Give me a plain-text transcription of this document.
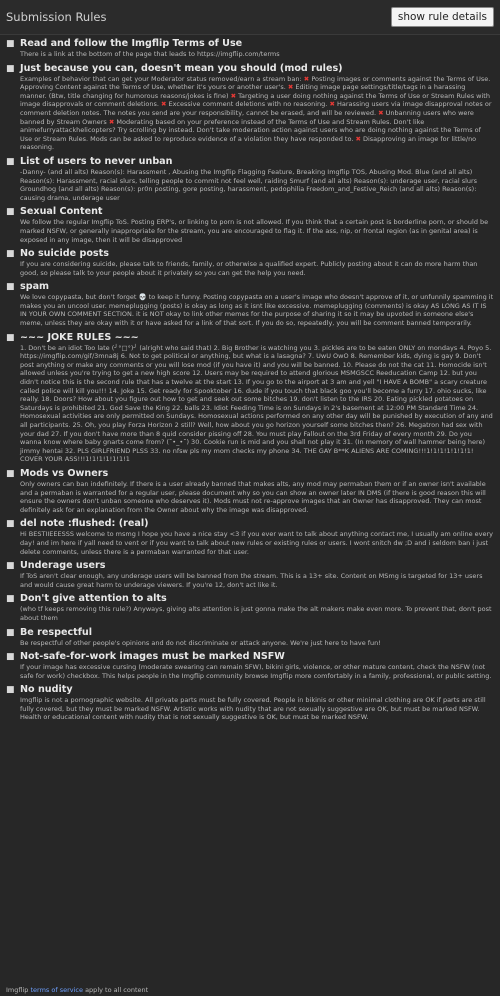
Submission Rules	show rule details
■ Read and follow the Imgflip Terms of Use
There is a link at the bottom of the page that leads to https://imgflip.com/terms
■ Just because you can, doesn't mean you should (mod rules)
Examples of behavior that can get your Moderator status removed/earn a stream ban: ✖ Posting images or comments against the Terms of Use. Approving Content against the Terms of Use, whether it's yours or another user's. ✖ Editing image page settings/title/tags in a harassing manner. (Btw, title changing for humorous reasons/jokes is fine) ✖ Targeting a user doing nothing against the Terms of Use or Stream Rules with image disapprovals or comment deletions. ✖ Excessive comment deletions with no reasoning. ✖ Harassing users via image disapproval notes or comment deletion notes. The notes you send are your responsibility, cannot be erased, and will be reviewed. ✖ Unbanning users who were banned by Stream Owners ✖ Moderating based on your preference instead of the Terms of Use and Stream Rules. Don't like animefurryattackhelicopters? Try scrolling by instead. Don't take moderation action against users who are doing nothing against the Terms of Use or Stream Rules. Mods can be asked to reproduce evidence of a violation they have responded to. ✖ Disapproving an image for little/no reasoning.
■ List of users to never unban
-Danny- (and all alts) Reason(s): Harassment , Abusing the Imgflip Flagging Feature, Breaking Imgflip TOS, Abusing Mod. Blue (and all alts) Reason(s): Harassment, racial slurs, telling people to commit not feel well, raiding Smurf (and all alts) Reason(s): underage user, racial slurs Groundhog (and all alts) Reason(s): pr0n posting, gore posting, harassment, pedophilia Freedom_and_Festive_Reich (and all alts) Reason(s): causing drama, underage user
■ Sexual Content
We follow the regular Imgflip ToS. Posting ERP's, or linking to porn is not allowed. If you think that a certain post is borderline porn, or should be marked NSFW, or generally inappropriate for the stream, you are encouraged to flag it. If the ass, nip, or frontal region (as in genital area) is exposed in any image, then it will be disapproved
■ No suicide posts
If you are considering suicide, please talk to friends, family, or otherwise a qualified expert. Publicly posting about it can do more harm than good, so please talk to your people about it privately so you can get the help you need.
■ spam
We love copypasta, but don't forget 💀 to keep it funny. Posting copypasta on a user's image who doesn't approve of it, or unfunnily spamming it makes you an uncool user. memeplugging (posts) is okay as long as it isnt like excessive. memeplugging (comments) is okay AS LONG AS IT IS IN YOUR OWN COMMENT SECTION. it is NOT okay to link other memes for the purpose of sharing it so it may be upvoted in someone else's meme, unless they are okay with it or have asked for a link of that sort. If you do so, repeatedly, you will be comment banned temporarily.
■ ~~~ JOKE RULES ~~~
1. Don't be an idiot Too late (╯°□°)╯ (alright who said that) 2. Big Brother is watching you 3. pickles are to be eaten ONLY on mondays 4. Poyo 5. https://imgflip.com/gif/3mna8j 6. Not to get political or anything, but what is a lasagna? 7. UwU OwO 8. Remember kids, dying is gay 9. Don't post anything or make any comments or you will lose mod (if you have it) and you will be banned. 10. Please do not the cat 11. Homocide isn't allowed unless you're trying to get a new high score 12. Users may be required to attend glorious MSMGSCC Reeducation Camp 12. but you didn't notice this is the second rule that has a twelve at the start 13. If you go to the airport at 3 am and yell "I HAVE A BOMB" a scary creature called police will kill you!!! 14. Joke 15. Get ready for Spooktober 16. dude if you touch that black goo you'll become a furry 17. ohio sucks, like really. 18. Doors? How about you figure out how to get and seek out some bitches 19. don't listen to the IRS 20. Eating pickled potatoes on Saturdays is prohibited 21. God Save the King 22. balls 23. Idiot Feeding Time is on Sundays in 2's basement at 12:00 PM Standard Time 24. Homosexual activities are only permitted on Sundays. Homosexual actions performed on any other day will be punished by execution of any and all participants. 25. Oh, you play Forza Horizon 2 still? Well, how about you go horizon yourself some bitches then? 26. Megatron had sex with your dad 27. If you don't have more than 8 quid consider pissing off 28. You must play Fallout on the 3rd Friday of every month 29. Do you wanna know where baby gnarts come from? (˘•_•˘) 30. Cookie run is mid and you shall not play it 31. (In memory of wall hammer being here) jimmy hentai 32. PLS GIRLFRIEND PLSS 33. no nfsw pls my mom checks my phone 34. THE GAY B**K ALIENS ARE COMING!!!1!1!1!1!1!1!1! COVER YOUR ASS!!!1!1!1!1!1!1!1
■ Mods vs Owners
Only owners can ban indefinitely. If there is a user already banned that makes alts, any mod may permaban them or if an owner isn't available and a permaban is warranted for a regular user, please document why so you can show an owner later IN DMS (if there is good reason this will ensure the owners don't unban someone who deserves it). Mods must not re-approve images that an Owner has disapproved. They can most definitely ask for an explanation from the Owner about why the image was disapproved.
■ del note :flushed: (real)
Hi BESTIIEEESSS welcome to msmg I hope you have a nice stay <3 if you ever want to talk about anything contact me, I usually am online every day! and im here if yall need to vent or if you want to talk about new rules or existing rules or users. I wont snitch dw ;D and i seldom ban i just delete comments, unless there is a permaban warranted for that user.
■ Underage users
If ToS aren't clear enough, any underage users will be banned from the stream. This is a 13+ site. Content on MSmg is targeted for 13+ users and would cause great harm to underage viewers. If you're 12, don't act like it.
■ Don't give attention to alts
(who tf keeps removing this rule?) Anyways, giving alts attention is just gonna make the alt makers make even more. To prevent that, don't post about them
■ Be respectful
Be respectful of other people's opinions and do not discriminate or attack anyone. We're just here to have fun!
■ Not-safe-for-work images must be marked NSFW
If your image has excessive cursing (moderate swearing can remain SFW), bikini girls, violence, or other mature content, check the NSFW (not safe for work) checkbox. This helps people in the Imgflip community browse Imgflip more comfortably in a family, professional, or public setting.
■ No nudity
Imgflip is not a pornographic website. All private parts must be fully covered. People in bikinis or other minimal clothing are OK if parts are still fully covered, but they must be marked NSFW. Artistic works with nudity that are not sexually suggestive are OK, but must be marked NSFW. Health or educational content with nudity that is not sexually suggestive is OK, but must be marked NSFW.
Imgflip terms of service apply to all content
